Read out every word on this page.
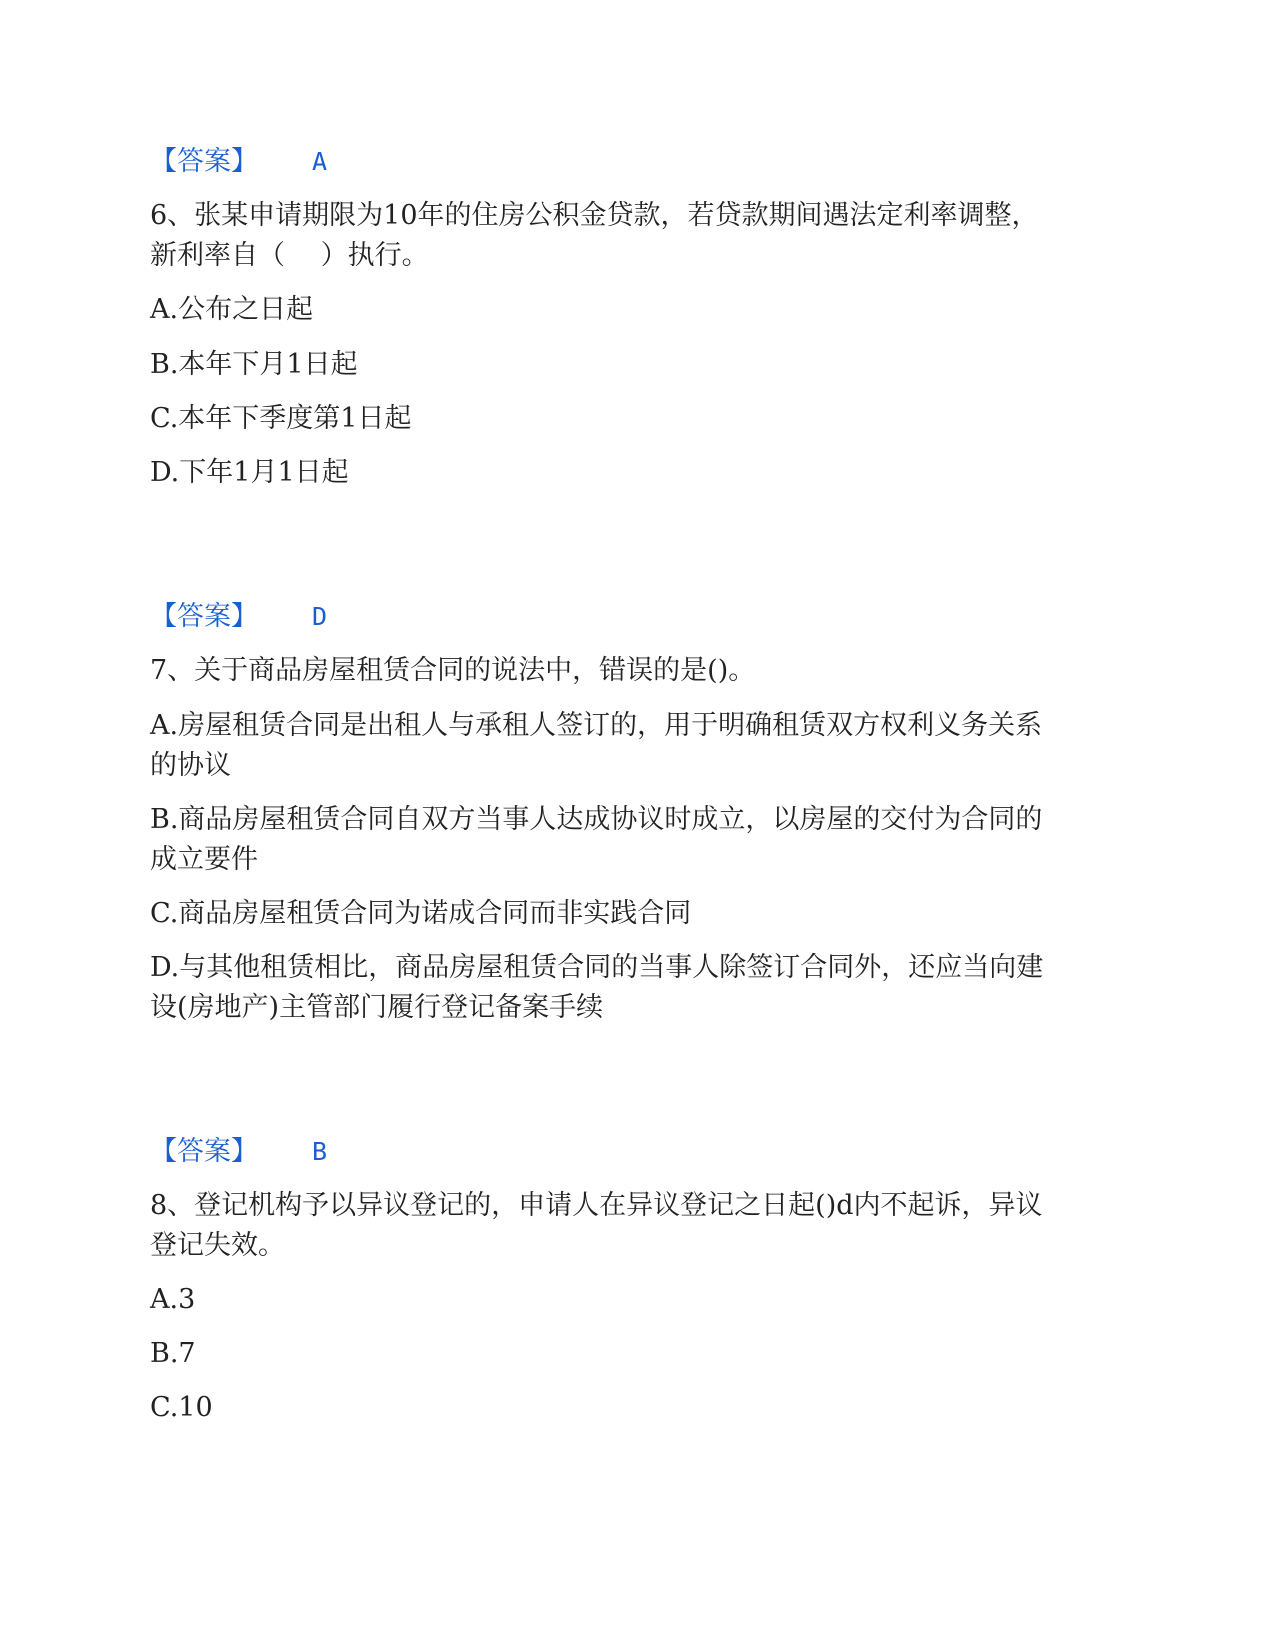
【答案】 A
6、张某申请期限为10年的住房公积金贷款，若贷款期间遇法定利率调整，
新利率自（　 ）执行。
A.公布之日起
B.本年下月1日起
C.本年下季度第1日起
D.下年1月1日起
【答案】 D
7、关于商品房屋租赁合同的说法中，错误的是()。
A.房屋租赁合同是出租人与承租人签订的，用于明确租赁双方权利义务关系
的协议
B.商品房屋租赁合同自双方当事人达成协议时成立，以房屋的交付为合同的
成立要件
C.商品房屋租赁合同为诺成合同而非实践合同
D.与其他租赁相比，商品房屋租赁合同的当事人除签订合同外，还应当向建
设(房地产)主管部门履行登记备案手续
【答案】 B
8、登记机构予以异议登记的，申请人在异议登记之日起()d内不起诉，异议
登记失效。
A.3
B.7
C.10
